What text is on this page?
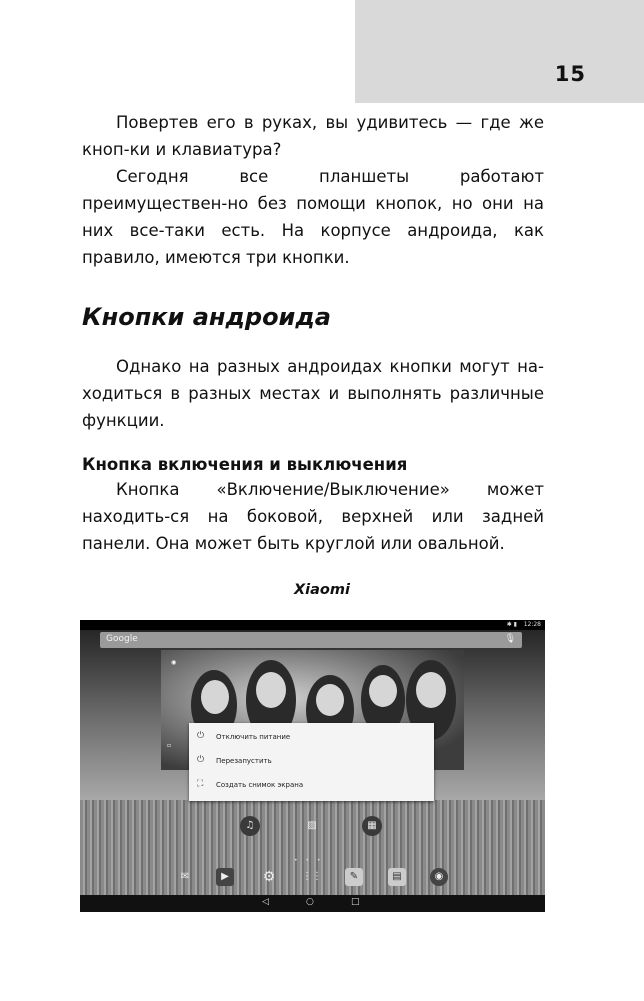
15

Повертев его в руках, вы удивитесь — где же кноп-ки и клавиатура?

Сегодня все планшеты работают преимуществен-но без помощи кнопок, но они на них все-таки есть. На корпусе андроида, как правило, имеются три кнопки.

Кнопки андроида

Однако на разных андроидах кнопки могут на-ходиться в разных местах и выполнять различные функции.

Кнопка включения и выключения

Кнопка «Включение/Выключение» может находить-ся на боковой, верхней или задней панели. Она может быть круглой или овальной.

Xiaomi
✱ ▮ 12:28
Google	🎙
◉
▫
⏻ Отключить питание
⏻ Перезапустить
⛶ Создать снимок экрана
♫	▨	▦
• • •
✉	▶	⚙	⋮⋮	✎	▤	◉
◁	○	□
